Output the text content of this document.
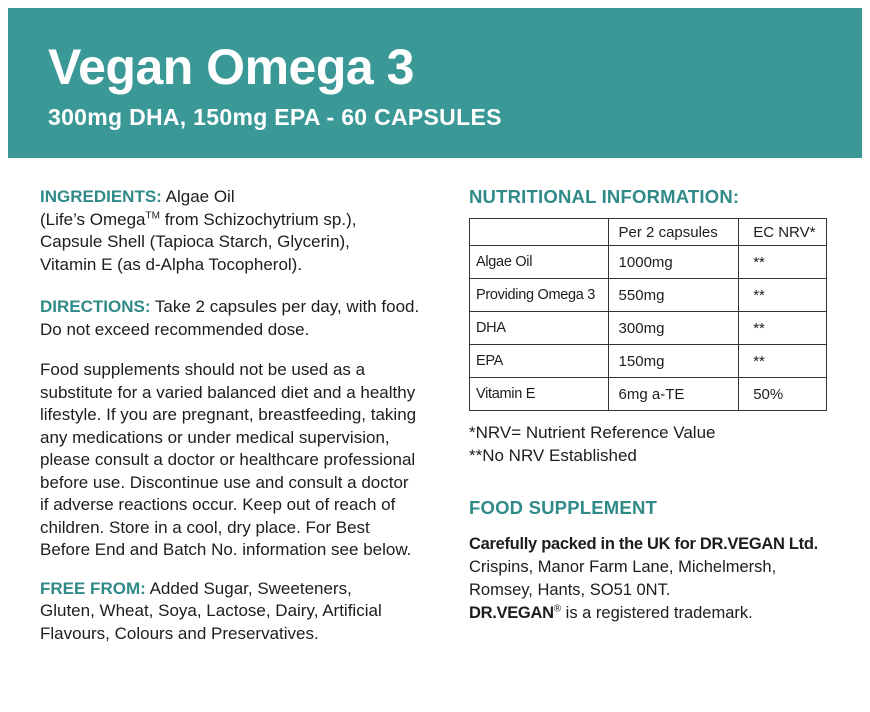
Vegan Omega 3
300mg DHA, 150mg EPA - 60 CAPSULES

INGREDIENTS: Algae Oil
(Life’s Omega™ from Schizochytrium sp.),
Capsule Shell (Tapioca Starch, Glycerin),
Vitamin E (as d-Alpha Tocopherol).

DIRECTIONS: Take 2 capsules per day, with food. Do not exceed recommended dose.

Food supplements should not be used as a substitute for a varied balanced diet and a healthy lifestyle. If you are pregnant, breastfeeding, taking any medications or under medical supervision, please consult a doctor or healthcare professional before use. Discontinue use and consult a doctor if adverse reactions occur. Keep out of reach of children. Store in a cool, dry place. For Best Before End and Batch No. information see below.

FREE FROM: Added Sugar, Sweeteners, Gluten, Wheat, Soya, Lactose, Dairy, Artificial Flavours, Colours and Preservatives.

NUTRITIONAL INFORMATION:
	Per 2 capsules	EC NRV*
Algae Oil	1000mg	**
Providing Omega 3	550mg	**
DHA	300mg	**
EPA	150mg	**
Vitamin E	6mg a-TE	50%
*NRV= Nutrient Reference Value
**No NRV Established
FOOD SUPPLEMENT
Carefully packed in the UK for DR.VEGAN Ltd.
Crispins, Manor Farm Lane, Michelmersh,
Romsey, Hants, SO51 0NT.
DR.VEGAN® is a registered trademark.
